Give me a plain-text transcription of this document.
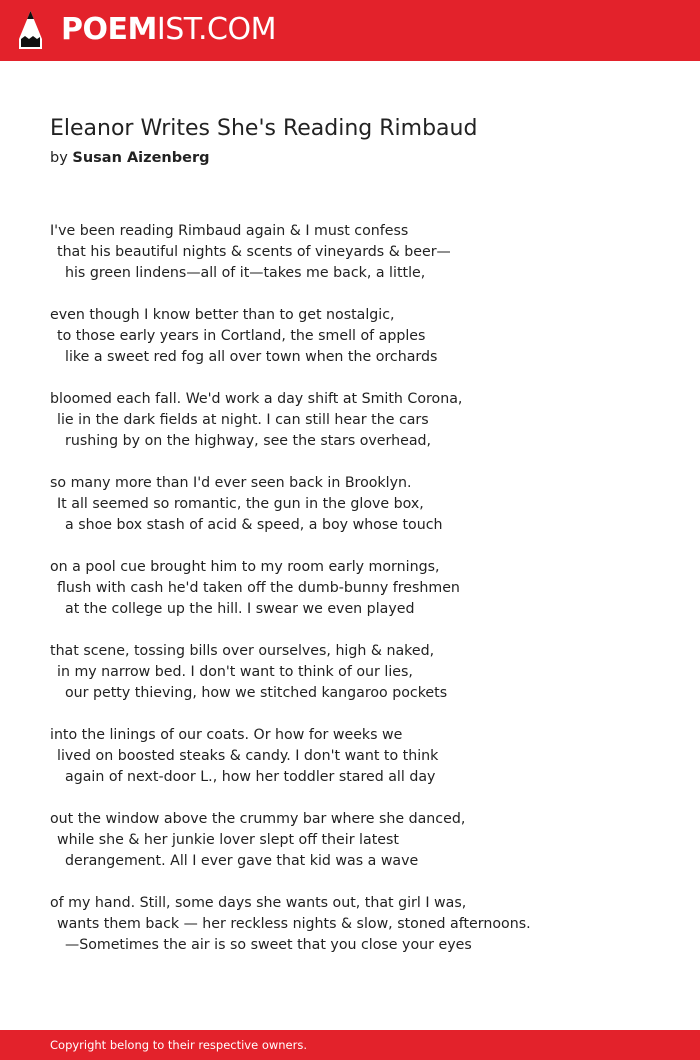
POEMIST.COM
Eleanor Writes She's Reading Rimbaud
by Susan Aizenberg
I've been reading Rimbaud again & I must confess
that his beautiful nights & scents of vineyards & beer—
his green lindens—all of it—takes me back, a little,
even though I know better than to get nostalgic,
to those early years in Cortland, the smell of apples
like a sweet red fog all over town when the orchards
bloomed each fall. We'd work a day shift at Smith Corona,
lie in the dark fields at night. I can still hear the cars
rushing by on the highway, see the stars overhead,
so many more than I'd ever seen back in Brooklyn.
It all seemed so romantic, the gun in the glove box,
a shoe box stash of acid & speed, a boy whose touch
on a pool cue brought him to my room early mornings,
flush with cash he'd taken off the dumb-bunny freshmen
at the college up the hill. I swear we even played
that scene, tossing bills over ourselves, high & naked,
in my narrow bed. I don't want to think of our lies,
our petty thieving, how we stitched kangaroo pockets
into the linings of our coats. Or how for weeks we
lived on boosted steaks & candy. I don't want to think
again of next-door L., how her toddler stared all day
out the window above the crummy bar where she danced,
while she & her junkie lover slept off their latest
derangement. All I ever gave that kid was a wave
of my hand. Still, some days she wants out, that girl I was,
wants them back — her reckless nights & slow, stoned afternoons.
—Sometimes the air is so sweet that you close your eyes
Copyright belong to their respective owners.
